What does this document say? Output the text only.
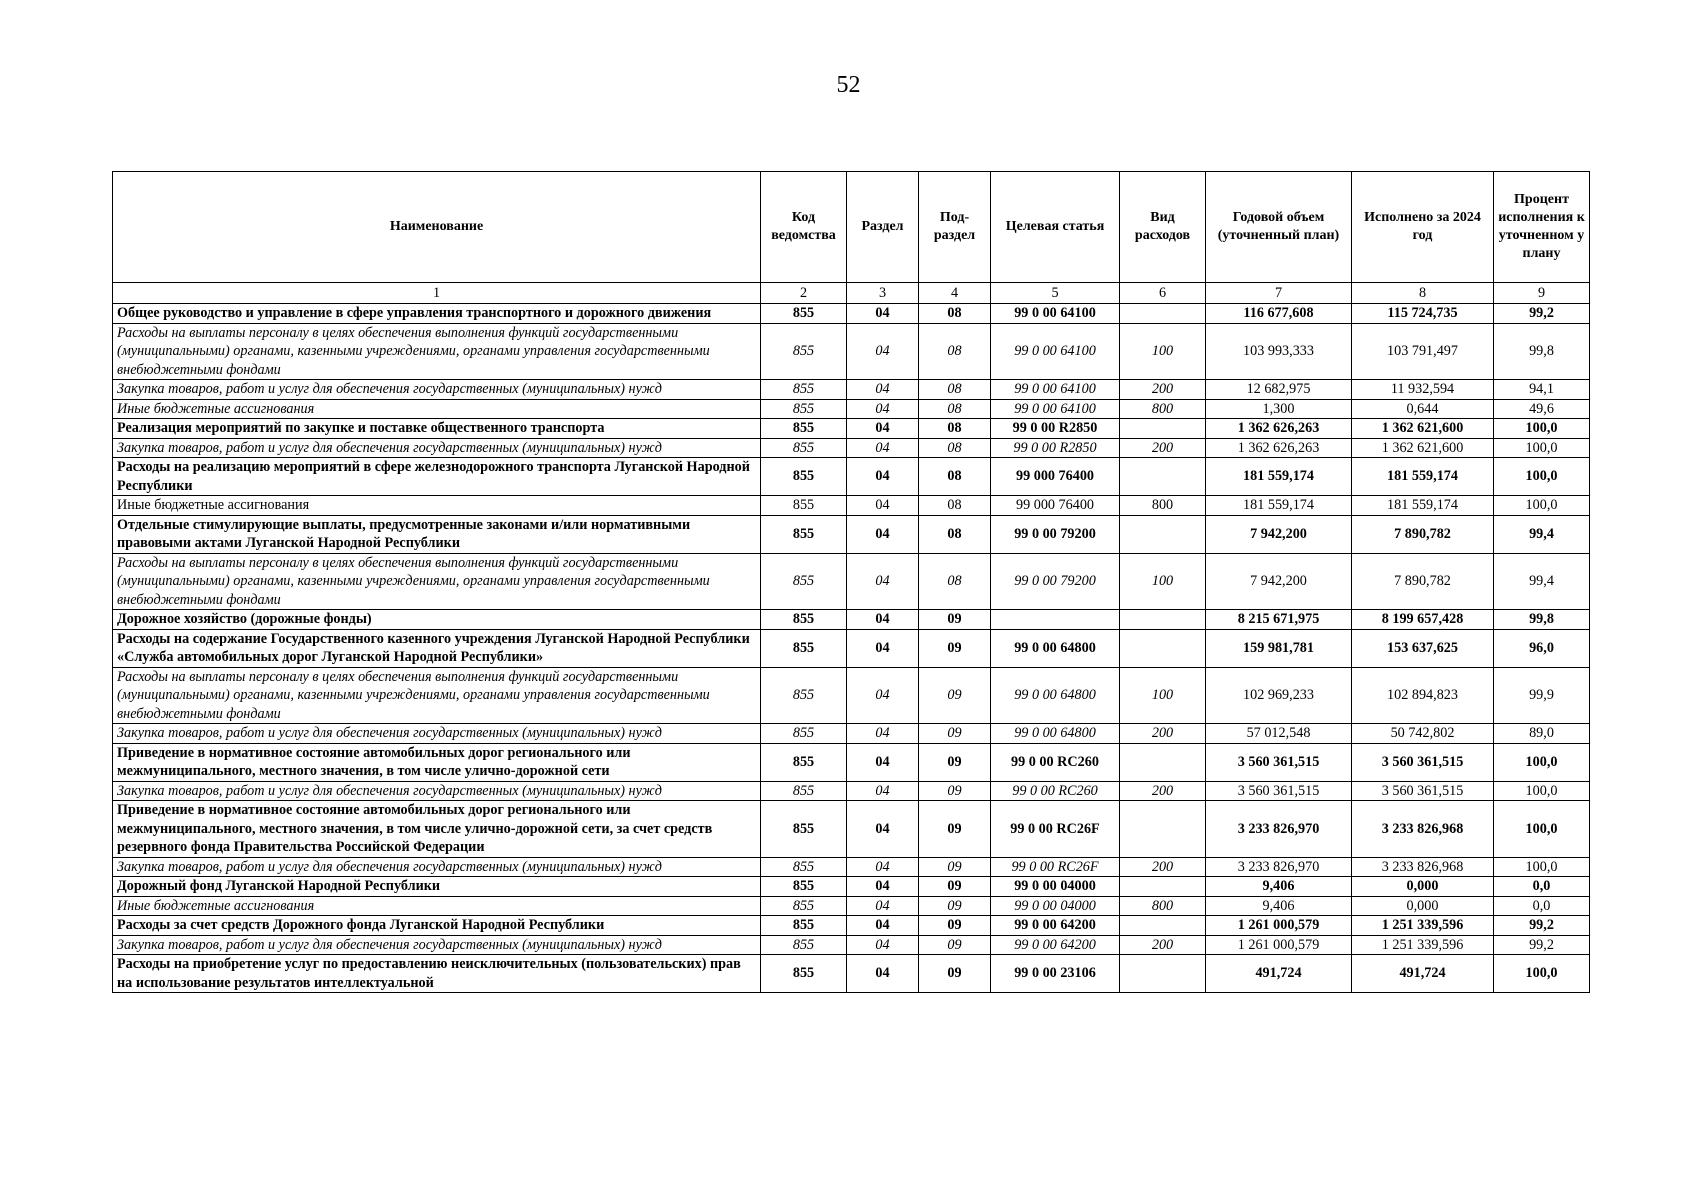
52
Наименование	Код ведомства	Раздел	Под-раздел	Целевая статья	Вид расходов	Годовой объем (уточненный план)	Исполнено за 2024 год	Процент исполнения к уточненном у плану
1	2	3	4	5	6	7	8	9
Общее руководство и управление в сфере управления транспортного и дорожного движения	855	04	08	99 0 00 64100		116 677,608	115 724,735	99,2
Расходы на выплаты персоналу в целях обеспечения выполнения функций государственными (муниципальными) органами, казенными учреждениями, органами управления государственными внебюджетными фондами	855	04	08	99 0 00 64100	100	103 993,333	103 791,497	99,8
Закупка товаров, работ и услуг для обеспечения государственных (муниципальных) нужд	855	04	08	99 0 00 64100	200	12 682,975	11 932,594	94,1
Иные бюджетные ассигнования	855	04	08	99 0 00 64100	800	1,300	0,644	49,6
Реализация мероприятий по закупке и поставке общественного транспорта	855	04	08	99 0 00 R2850		1 362 626,263	1 362 621,600	100,0
Закупка товаров, работ и услуг для обеспечения государственных (муниципальных) нужд	855	04	08	99 0 00 R2850	200	1 362 626,263	1 362 621,600	100,0
Расходы на реализацию мероприятий в сфере железнодорожного транспорта Луганской Народной Республики	855	04	08	99 000 76400		181 559,174	181 559,174	100,0
Иные бюджетные ассигнования	855	04	08	99 000 76400	800	181 559,174	181 559,174	100,0
Отдельные стимулирующие выплаты, предусмотренные законами и/или нормативными правовыми актами Луганской Народной Республики	855	04	08	99 0 00 79200		7 942,200	7 890,782	99,4
Расходы на выплаты персоналу в целях обеспечения выполнения функций государственными (муниципальными) органами, казенными учреждениями, органами управления государственными внебюджетными фондами	855	04	08	99 0 00 79200	100	7 942,200	7 890,782	99,4
Дорожное хозяйство (дорожные фонды)	855	04	09			8 215 671,975	8 199 657,428	99,8
Расходы на содержание Государственного казенного учреждения Луганской Народной Республики «Служба автомобильных дорог Луганской Народной Республики»	855	04	09	99 0 00 64800		159 981,781	153 637,625	96,0
Расходы на выплаты персоналу в целях обеспечения выполнения функций государственными (муниципальными) органами, казенными учреждениями, органами управления государственными внебюджетными фондами	855	04	09	99 0 00 64800	100	102 969,233	102 894,823	99,9
Закупка товаров, работ и услуг для обеспечения государственных (муниципальных) нужд	855	04	09	99 0 00 64800	200	57 012,548	50 742,802	89,0
Приведение в нормативное состояние автомобильных дорог регионального или межмуниципального, местного значения, в том числе улично-дорожной сети	855	04	09	99 0 00 RC260		3 560 361,515	3 560 361,515	100,0
Закупка товаров, работ и услуг для обеспечения государственных (муниципальных) нужд	855	04	09	99 0 00 RC260	200	3 560 361,515	3 560 361,515	100,0
Приведение в нормативное состояние автомобильных дорог регионального или межмуниципального, местного значения, в том числе улично-дорожной сети, за счет средств резервного фонда Правительства Российской Федерации	855	04	09	99 0 00 RC26F		3 233 826,970	3 233 826,968	100,0
Закупка товаров, работ и услуг для обеспечения государственных (муниципальных) нужд	855	04	09	99 0 00 RC26F	200	3 233 826,970	3 233 826,968	100,0
Дорожный фонд Луганской Народной Республики	855	04	09	99 0 00 04000		9,406	0,000	0,0
Иные бюджетные ассигнования	855	04	09	99 0 00 04000	800	9,406	0,000	0,0
Расходы за счет средств Дорожного фонда Луганской Народной Республики	855	04	09	99 0 00 64200		1 261 000,579	1 251 339,596	99,2
Закупка товаров, работ и услуг для обеспечения государственных (муниципальных) нужд	855	04	09	99 0 00 64200	200	1 261 000,579	1 251 339,596	99,2
Расходы на приобретение услуг по предоставлению неисключительных (пользовательских) прав на использование результатов интеллектуальной	855	04	09	99 0 00 23106		491,724	491,724	100,0
